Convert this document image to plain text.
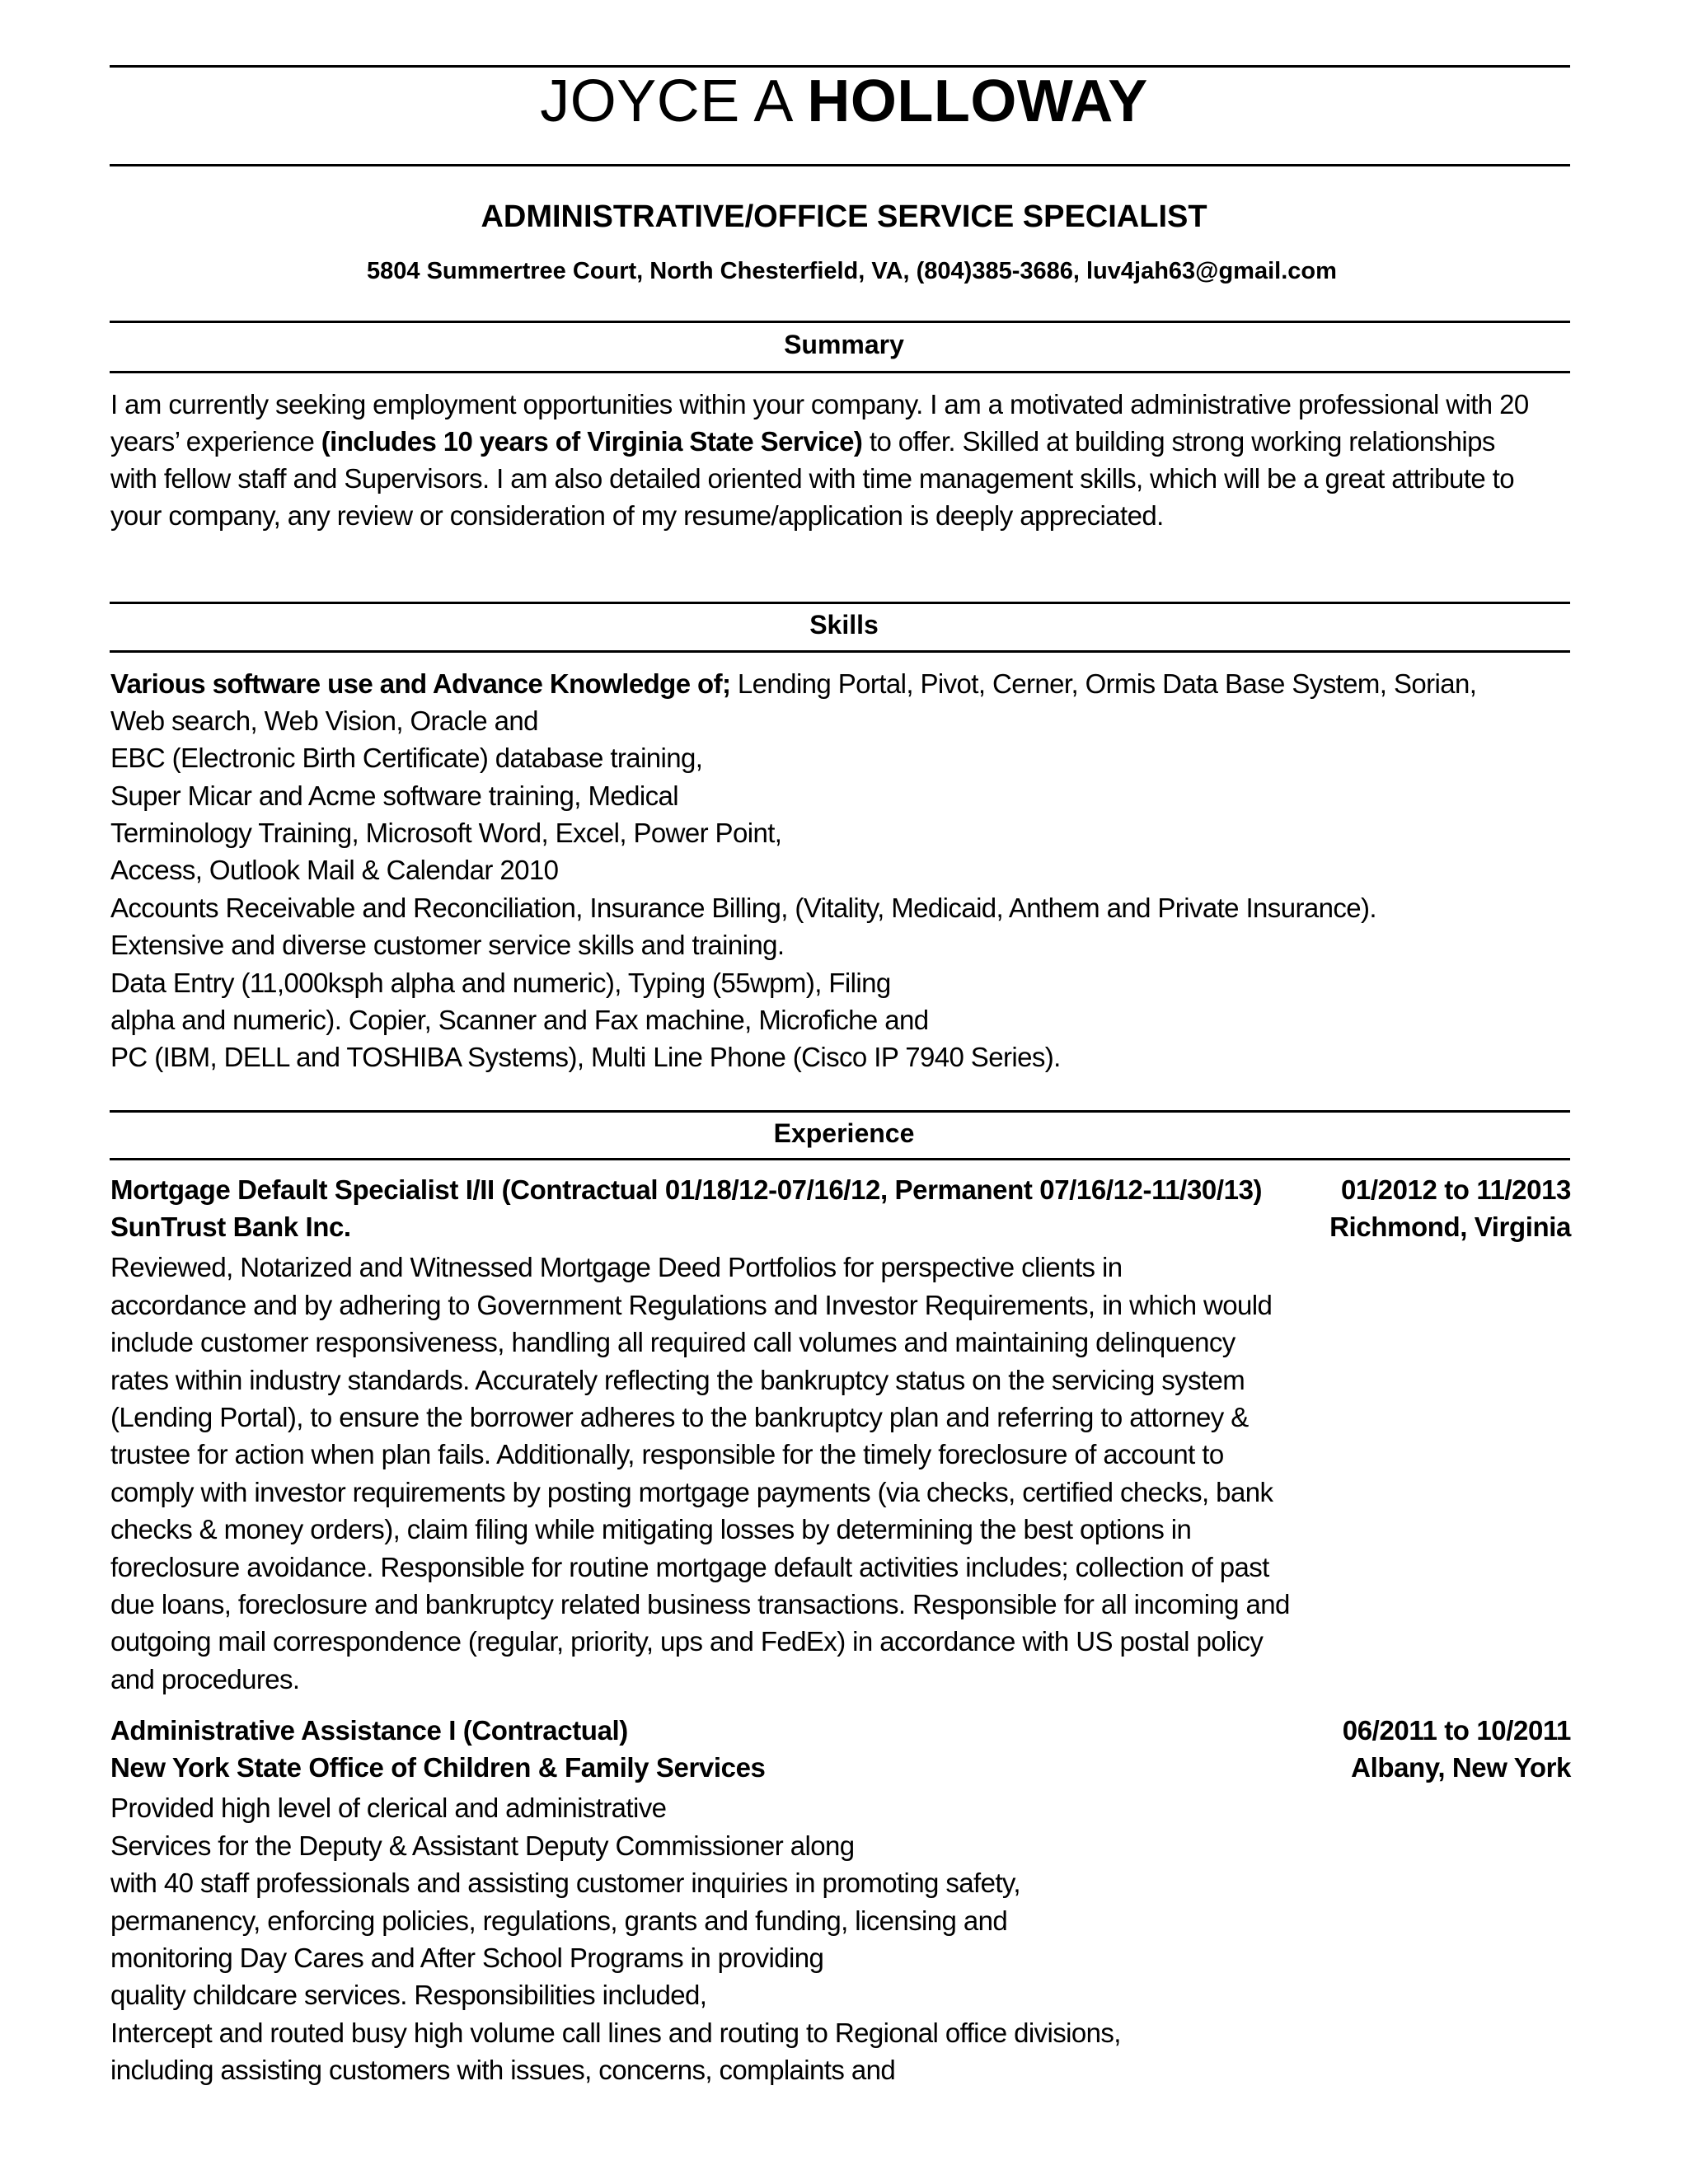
JOYCE A HOLLOWAY
ADMINISTRATIVE/OFFICE SERVICE SPECIALIST
5804 Summertree Court, North Chesterfield, VA, (804)385-3686, luv4jah63@gmail.com
Summary
I am currently seeking employment opportunities within your company. I am a motivated administrative professional with 20
years’ experience (includes 10 years of Virginia State Service) to offer. Skilled at building strong working relationships
with fellow staff and Supervisors. I am also detailed oriented with time management skills, which will be a great attribute to
your company, any review or consideration of my resume/application is deeply appreciated.
Skills
Various software use and Advance Knowledge of; Lending Portal, Pivot, Cerner, Ormis Data Base System, Sorian,
Web search, Web Vision, Oracle and
EBC (Electronic Birth Certificate) database training,
Super Micar and Acme software training, Medical
Terminology Training, Microsoft Word, Excel, Power Point,
Access, Outlook Mail & Calendar 2010
Accounts Receivable and Reconciliation, Insurance Billing, (Vitality, Medicaid, Anthem and Private Insurance).
Extensive and diverse customer service skills and training.
Data Entry (11,000ksph alpha and numeric), Typing (55wpm), Filing
alpha and numeric). Copier, Scanner and Fax machine, Microfiche and
PC (IBM, DELL and TOSHIBA Systems), Multi Line Phone (Cisco IP 7940 Series).
Experience
Mortgage Default Specialist I/II (Contractual 01/18/12-07/16/12, Permanent 07/16/12-11/30/13)	01/2012 to 11/2013
SunTrust Bank Inc.	Richmond, Virginia
Reviewed, Notarized and Witnessed Mortgage Deed Portfolios for perspective clients in
accordance and by adhering to Government Regulations and Investor Requirements, in which would
include customer responsiveness, handling all required call volumes and maintaining delinquency
rates within industry standards. Accurately reflecting the bankruptcy status on the servicing system
(Lending Portal), to ensure the borrower adheres to the bankruptcy plan and referring to attorney &
trustee for action when plan fails. Additionally, responsible for the timely foreclosure of account to
comply with investor requirements by posting mortgage payments (via checks, certified checks, bank
checks & money orders), claim filing while mitigating losses by determining the best options in
foreclosure avoidance. Responsible for routine mortgage default activities includes; collection of past
due loans, foreclosure and bankruptcy related business transactions. Responsible for all incoming and
outgoing mail correspondence (regular, priority, ups and FedEx) in accordance with US postal policy
and procedures.
Administrative Assistance I (Contractual)	06/2011 to 10/2011
New York State Office of Children & Family Services	Albany, New York
Provided high level of clerical and administrative
Services for the Deputy & Assistant Deputy Commissioner along
with 40 staff professionals and assisting customer inquiries in promoting safety,
permanency, enforcing policies, regulations, grants and funding, licensing and
monitoring Day Cares and After School Programs in providing
quality childcare services. Responsibilities included,
Intercept and routed busy high volume call lines and routing to Regional office divisions,
including assisting customers with issues, concerns, complaints and
